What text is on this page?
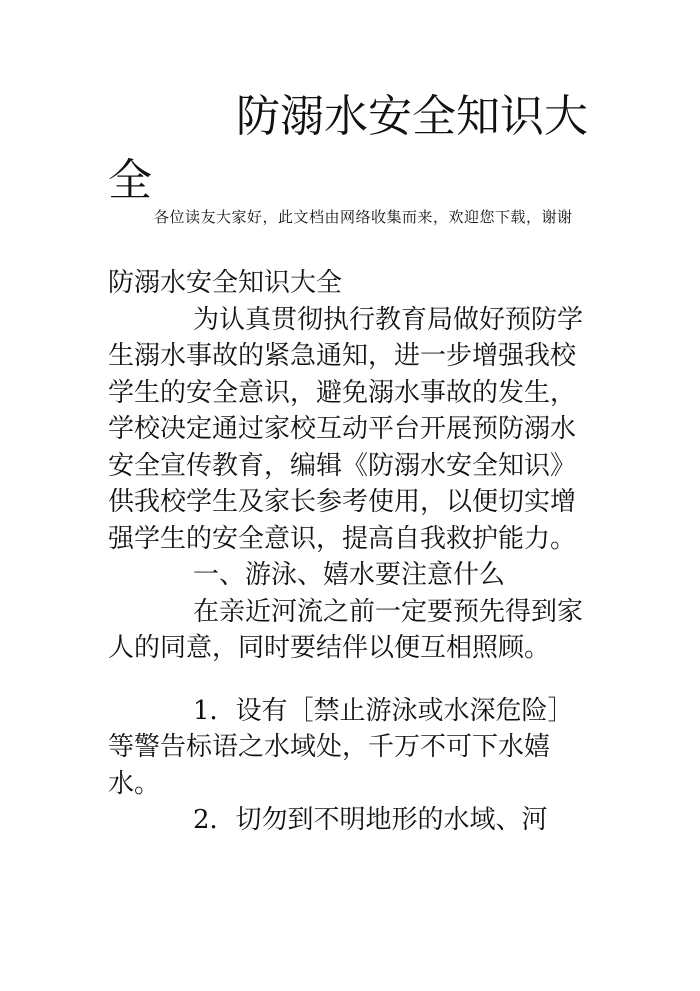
防溺水安全知识大全

各位读友大家好，此文档由网络收集而来，欢迎您下载，谢谢

防溺水安全知识大全

为认真贯彻执行教育局做好预防学生溺水事故的紧急通知，进一步增强我校学生的安全意识，避免溺水事故的发生，学校决定通过家校互动平台开展预防溺水安全宣传教育，编辑《防溺水安全知识》供我校学生及家长参考使用，以便切实增强学生的安全意识，提高自我救护能力。

一、游泳、嬉水要注意什么

在亲近河流之前一定要预先得到家人的同意，同时要结伴以便互相照顾。

1．设有［禁止游泳或水深危险］等警告标语之水域处，千万不可下水嬉水。

2．切勿到不明地形的水域、河
